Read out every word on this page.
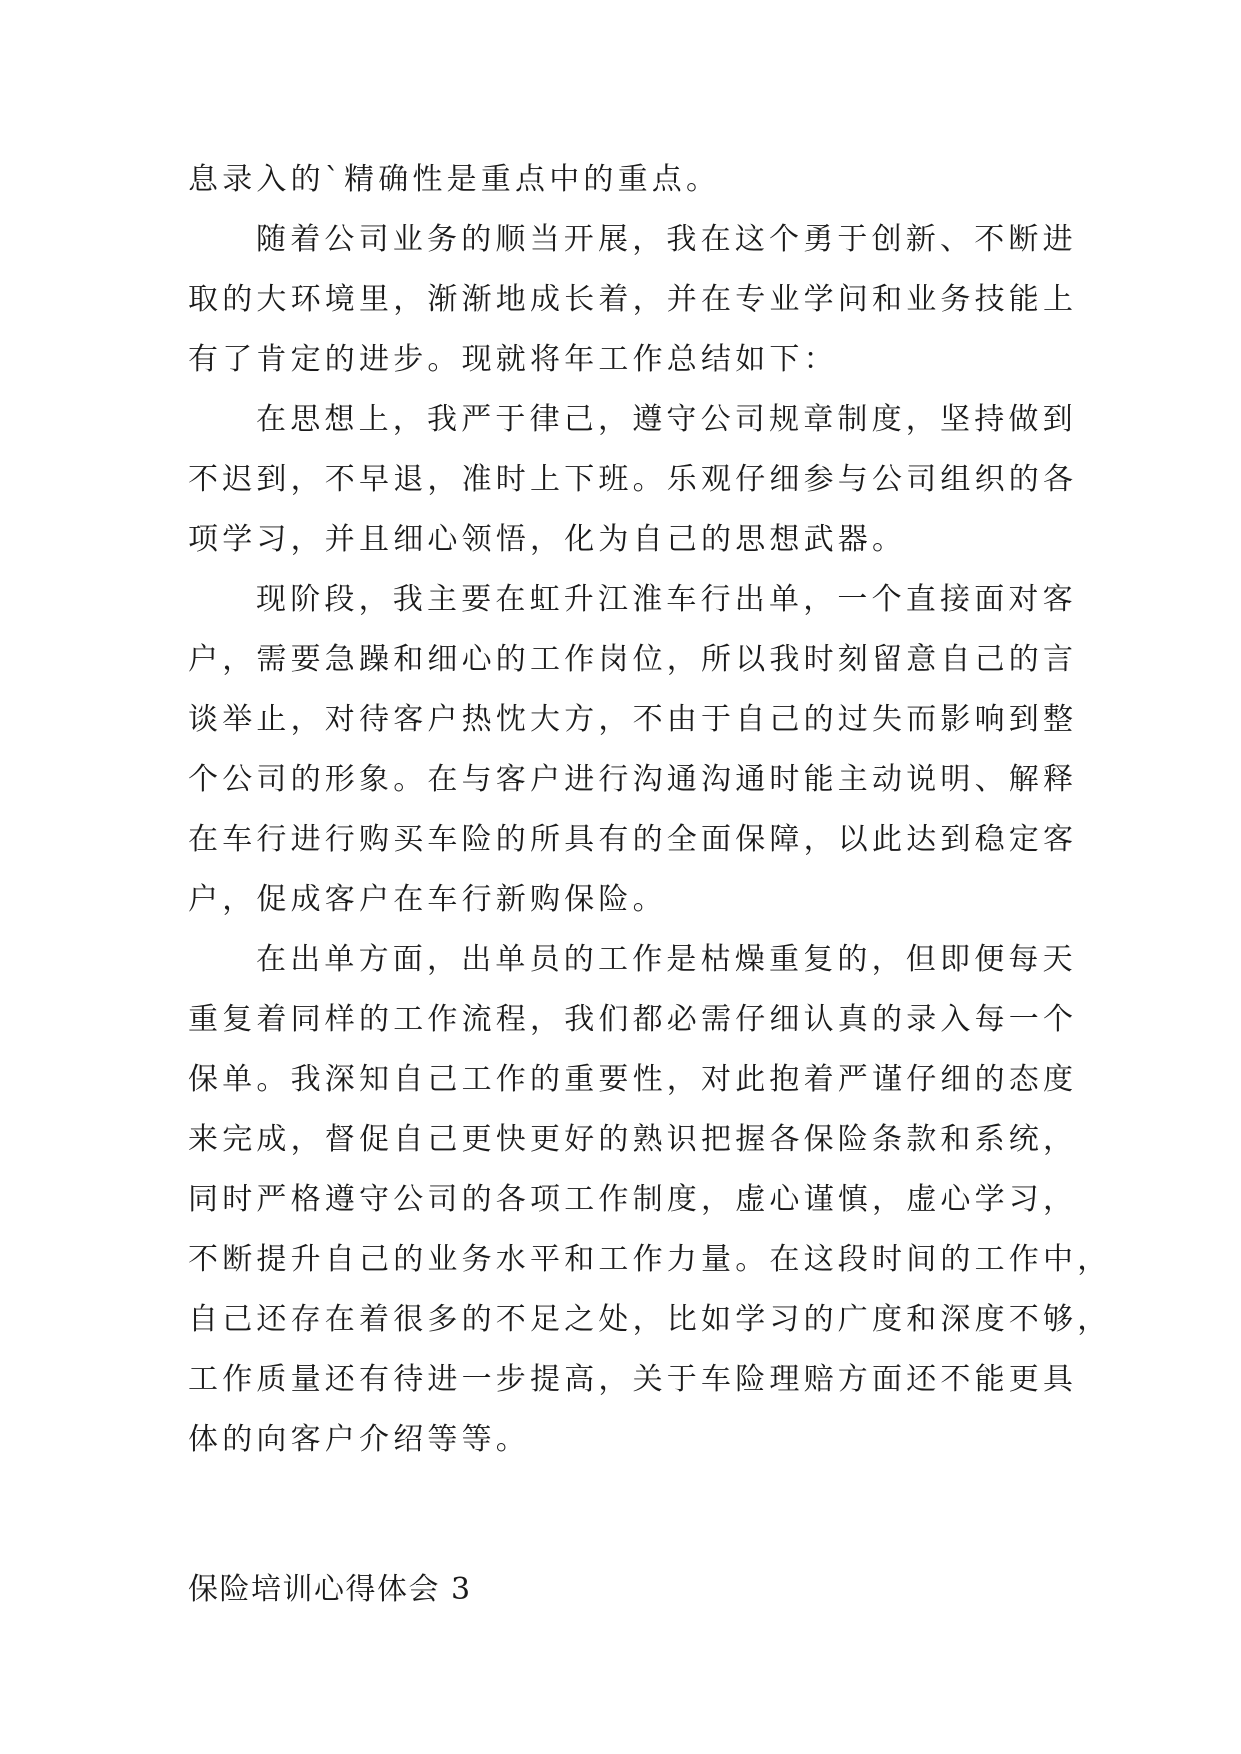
息录入的`精确性是重点中的重点。
随着公司业务的顺当开展，我在这个勇于创新、不断进
取的大环境里，渐渐地成长着，并在专业学问和业务技能上
有了肯定的进步。现就将年工作总结如下：
在思想上，我严于律己，遵守公司规章制度，坚持做到
不迟到，不早退，准时上下班。乐观仔细参与公司组织的各
项学习，并且细心领悟，化为自己的思想武器。
现阶段，我主要在虹升江淮车行出单，一个直接面对客
户，需要急躁和细心的工作岗位，所以我时刻留意自己的言
谈举止，对待客户热忱大方，不由于自己的过失而影响到整
个公司的形象。在与客户进行沟通沟通时能主动说明、解释
在车行进行购买车险的所具有的全面保障，以此达到稳定客
户，促成客户在车行新购保险。
在出单方面，出单员的工作是枯燥重复的，但即便每天
重复着同样的工作流程，我们都必需仔细认真的录入每一个
保单。我深知自己工作的重要性，对此抱着严谨仔细的态度
来完成，督促自己更快更好的熟识把握各保险条款和系统，
同时严格遵守公司的各项工作制度，虚心谨慎，虚心学习，
不断提升自己的业务水平和工作力量。在这段时间的工作中，
自己还存在着很多的不足之处，比如学习的广度和深度不够，
工作质量还有待进一步提高，关于车险理赔方面还不能更具
体的向客户介绍等等。
保险培训心得体会 3
